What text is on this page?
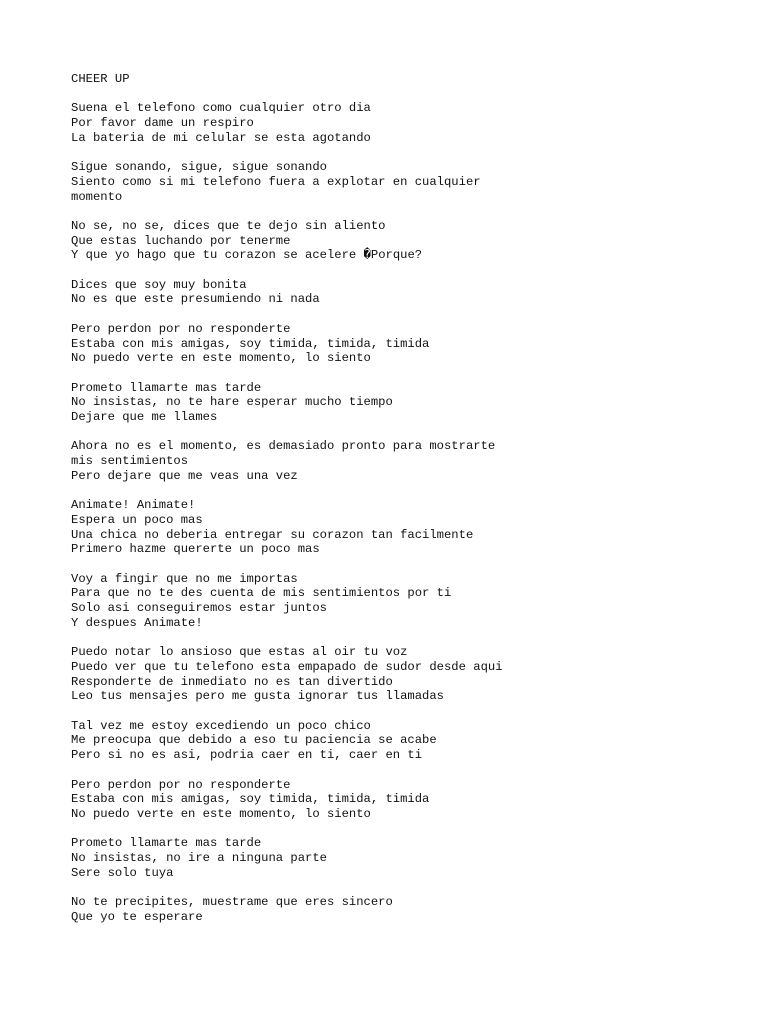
CHEER UP
Suena el telefono como cualquier otro dia
Por favor dame un respiro
La bateria de mi celular se esta agotando
Sigue sonando, sigue, sigue sonando
Siento como si mi telefono fuera a explotar en cualquier
momento
No se, no se, dices que te dejo sin aliento
Que estas luchando por tenerme
Y que yo hago que tu corazon se acelere �Porque?
Dices que soy muy bonita
No es que este presumiendo ni nada
Pero perdon por no responderte
Estaba con mis amigas, soy timida, timida, timida
No puedo verte en este momento, lo siento
Prometo llamarte mas tarde
No insistas, no te hare esperar mucho tiempo
Dejare que me llames
Ahora no es el momento, es demasiado pronto para mostrarte
mis sentimientos
Pero dejare que me veas una vez
Animate! Animate!
Espera un poco mas
Una chica no deberia entregar su corazon tan facilmente
Primero hazme quererte un poco mas
Voy a fingir que no me importas
Para que no te des cuenta de mis sentimientos por ti
Solo asi conseguiremos estar juntos
Y despues Animate!
Puedo notar lo ansioso que estas al oir tu voz
Puedo ver que tu telefono esta empapado de sudor desde aqui
Responderte de inmediato no es tan divertido
Leo tus mensajes pero me gusta ignorar tus llamadas
Tal vez me estoy excediendo un poco chico
Me preocupa que debido a eso tu paciencia se acabe
Pero si no es asi, podria caer en ti, caer en ti
Pero perdon por no responderte
Estaba con mis amigas, soy timida, timida, timida
No puedo verte en este momento, lo siento
Prometo llamarte mas tarde
No insistas, no ire a ninguna parte
Sere solo tuya
No te precipites, muestrame que eres sincero
Que yo te esperare
